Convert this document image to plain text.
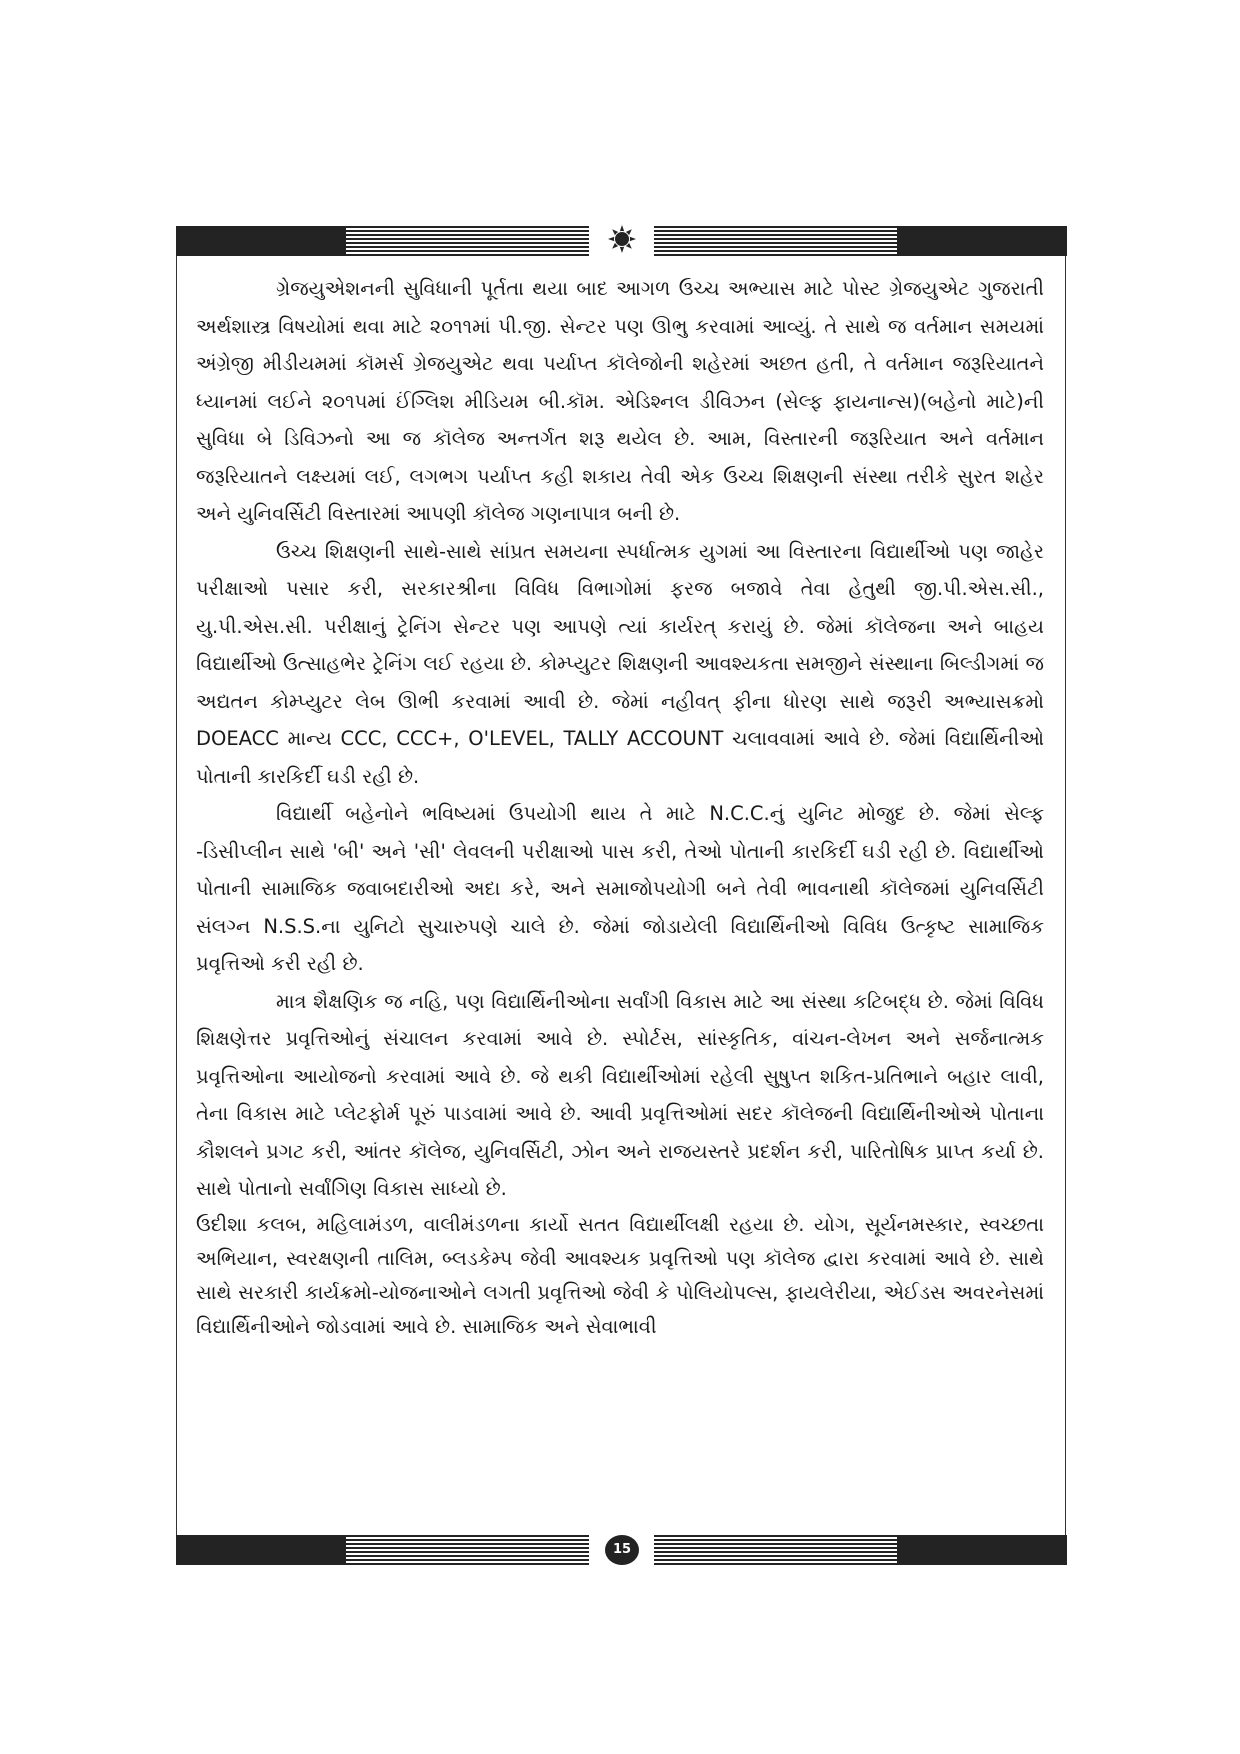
ગ્રેજયુએશનની સુવિધાની પૂર્તતા થયા બાદ આગળ ઉચ્ચ અભ્યાસ માટે પોસ્ટ ગ્રેજયુએટ ગુજરાતી અર્થશાસ્ત્ર વિષયોમાં થવા માટે ૨૦૧૧માં પી.જી. સેન્ટર પણ ઊભુ કરવામાં આવ્યું. તે સાથે જ વર્તમાન સમયમાં અંગ્રેજી મીડીયમમાં કૉમર્સ ગ્રેજયુએટ થવા પર્યાપ્ત કૉલેજોની શહેરમાં અછત હતી, તે વર્તમાન જરૂરિયાતને ધ્યાનમાં લઈને ૨૦૧૫માં ઈંગ્લિશ મીડિયમ બી.કૉમ. એડિશ્નલ ડીવિઝન (સેલ્ફ ફાયનાન્સ)(બહેનો માટે)ની સુવિધા બે ડિવિઝનો આ જ કૉલેજ અન્તર્ગત શરૂ થયેલ છે. આમ, વિસ્તારની જરૂરિયાત અને વર્તમાન જરૂરિયાતને લક્ષ્યમાં લઈ, લગભગ પર્યાપ્ત કહી શકાય તેવી એક ઉચ્ચ શિક્ષણની સંસ્થા તરીકે સુરત શહેર અને યુનિવર્સિટી વિસ્તારમાં આપણી કૉલેજ ગણનાપાત્ર બની છે.

ઉચ્ચ શિક્ષણની સાથે-સાથે સાંપ્રત સમયના સ્પર્ધાત્મક યુગમાં આ વિસ્તારના વિદ્યાર્થીઓ પણ જાહેર પરીક્ષાઓ પસાર કરી, સરકારશ્રીના વિવિધ વિભાગોમાં ફરજ બજાવે તેવા હેતુથી જી.પી.એસ.સી., યુ.પી.એસ.સી. પરીક્ષાનું ટ્રેનિંગ સેન્ટર પણ આપણે ત્યાં કાર્યરત્ કરાયું છે. જેમાં કૉલેજના અને બાહય વિદ્યાર્થીઓ ઉત્સાહભેર ટ્રેનિંગ લઈ રહયા છે. કોમ્પ્યુટર શિક્ષણની આવશ્યકતા સમજીને સંસ્થાના બિલ્ડીગમાં જ અદ્યતન કોમ્પ્યુટર લેબ ઊભી કરવામાં આવી છે. જેમાં નહીવત્ ફીના ધોરણ સાથે જરૂરી અભ્યાસક્રમો DOEACC માન્ય CCC, CCC+, O'LEVEL, TALLY ACCOUNT ચલાવવામાં આવે છે. જેમાં વિદ્યાર્થિનીઓ પોતાની કારકિર્દી ઘડી રહી છે.

વિદ્યાર્થી બહેનોને ભવિષ્યમાં ઉપયોગી થાય તે માટે N.C.C.નું યુનિટ મોજુદ છે. જેમાં સેલ્ફ -ડિસીપ્લીન સાથે 'બી' અને 'સી' લેવલની પરીક્ષાઓ પાસ કરી, તેઓ પોતાની કારકિર્દી ઘડી રહી છે. વિદ્યાર્થીઓ પોતાની સામાજિક જવાબદારીઓ અદા કરે, અને સમાજોપયોગી બને તેવી ભાવનાથી કૉલેજમાં યુનિવર્સિટી સંલગ્ન N.S.S.ના યુનિટો સુચારુપણે ચાલે છે. જેમાં જોડાયેલી વિદ્યાર્થિનીઓ વિવિધ ઉત્કૃષ્ટ સામાજિક પ્રવૃત્તિઓ કરી રહી છે.

માત્ર શૈક્ષણિક જ નહિ, પણ વિદ્યાર્થિનીઓના સર્વાંગી વિકાસ માટે આ સંસ્થા કટિબદ્ધ છે. જેમાં વિવિધ શિક્ષણેત્તર પ્રવૃત્તિઓનું સંચાલન કરવામાં આવે છે. સ્પોર્ટસ, સાંસ્કૃતિક, વાંચન-લેખન અને સર્જનાત્મક પ્રવૃત્તિઓના આયોજનો કરવામાં આવે છે. જે થકી વિદ્યાર્થીઓમાં રહેલી સુષુપ્ત શકિત-પ્રતિભાને બહાર લાવી, તેના વિકાસ માટે પ્લેટફોર્મ પૂરું પાડવામાં આવે છે. આવી પ્રવૃત્તિઓમાં સદર કૉલેજની વિદ્યાર્થિનીઓએ પોતાના કૌશલને પ્રગટ કરી, આંતર કૉલેજ, યુનિવર્સિટી, ઝોન અને રાજયસ્તરે પ્રદર્શન કરી, પારિતોષિક પ્રાપ્ત કર્યા છે. સાથે પોતાનો સર્વાંગિણ વિકાસ સાધ્યો છે.

ઉદીશા કલબ, મહિલામંડળ, વાલીમંડળના કાર્યો સતત વિદ્યાર્થીલક્ષી રહયા છે. યોગ, સૂર્યનમસ્કાર, સ્વચ્છતા અભિયાન, સ્વરક્ષણની તાલિમ, બ્લડકેમ્પ જેવી આવશ્યક પ્રવૃત્તિઓ પણ કૉલેજ દ્વારા કરવામાં આવે છે. સાથે સાથે સરકારી કાર્યક્રમો-યોજનાઓને લગતી પ્રવૃત્તિઓ જેવી કે પોલિયોપલ્સ, ફાયલેરીયા, એઈડસ અવરનેસમાં વિદ્યાર્થિનીઓને જોડવામાં આવે છે. સામાજિક અને સેવાભાવી

15
